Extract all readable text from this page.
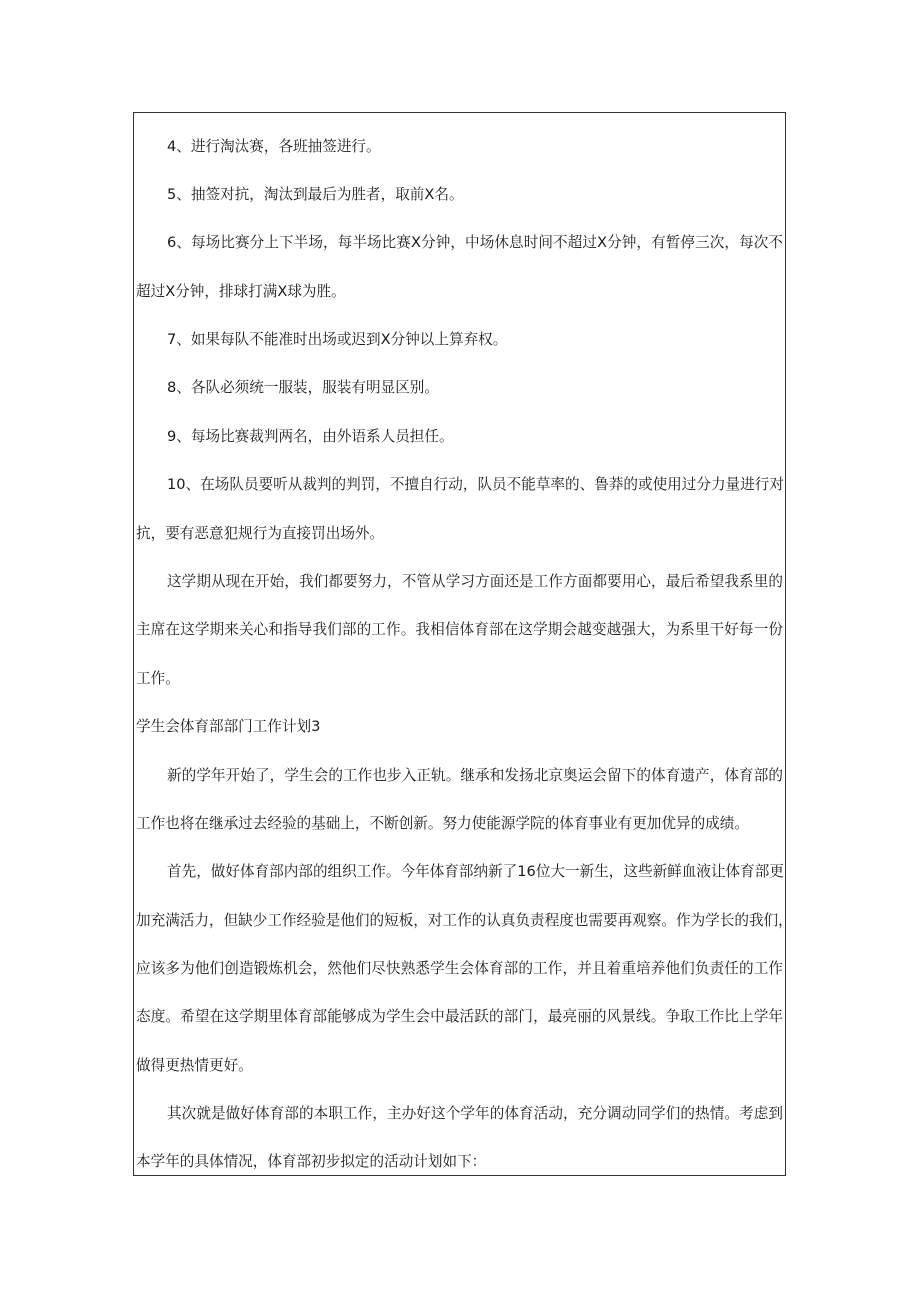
4、进行淘汰赛，各班抽签进行。
5、抽签对抗，淘汰到最后为胜者，取前X名。
6、每场比赛分上下半场，每半场比赛X分钟，中场休息时间不超过X分钟，有暂停三次，每次不
超过X分钟，排球打满X球为胜。
7、如果每队不能准时出场或迟到X分钟以上算弃权。
8、各队必须统一服装，服装有明显区别。
9、每场比赛裁判两名，由外语系人员担任。
10、在场队员要听从裁判的判罚，不擅自行动，队员不能草率的、鲁莽的或使用过分力量进行对
抗，要有恶意犯规行为直接罚出场外。
这学期从现在开始，我们都要努力，不管从学习方面还是工作方面都要用心，最后希望我系里的
主席在这学期来关心和指导我们部的工作。我相信体育部在这学期会越变越强大，为系里干好每一份
工作。
学生会体育部部门工作计划3
新的学年开始了，学生会的工作也步入正轨。继承和发扬北京奥运会留下的体育遗产，体育部的
工作也将在继承过去经验的基础上，不断创新。努力使能源学院的体育事业有更加优异的成绩。
首先，做好体育部内部的组织工作。今年体育部纳新了16位大一新生，这些新鲜血液让体育部更
加充满活力，但缺少工作经验是他们的短板，对工作的认真负责程度也需要再观察。作为学长的我们，
应该多为他们创造锻炼机会，然他们尽快熟悉学生会体育部的工作，并且着重培养他们负责任的工作
态度。希望在这学期里体育部能够成为学生会中最活跃的部门，最亮丽的风景线。争取工作比上学年
做得更热情更好。
其次就是做好体育部的本职工作，主办好这个学年的体育活动，充分调动同学们的热情。考虑到
本学年的具体情况，体育部初步拟定的活动计划如下：
